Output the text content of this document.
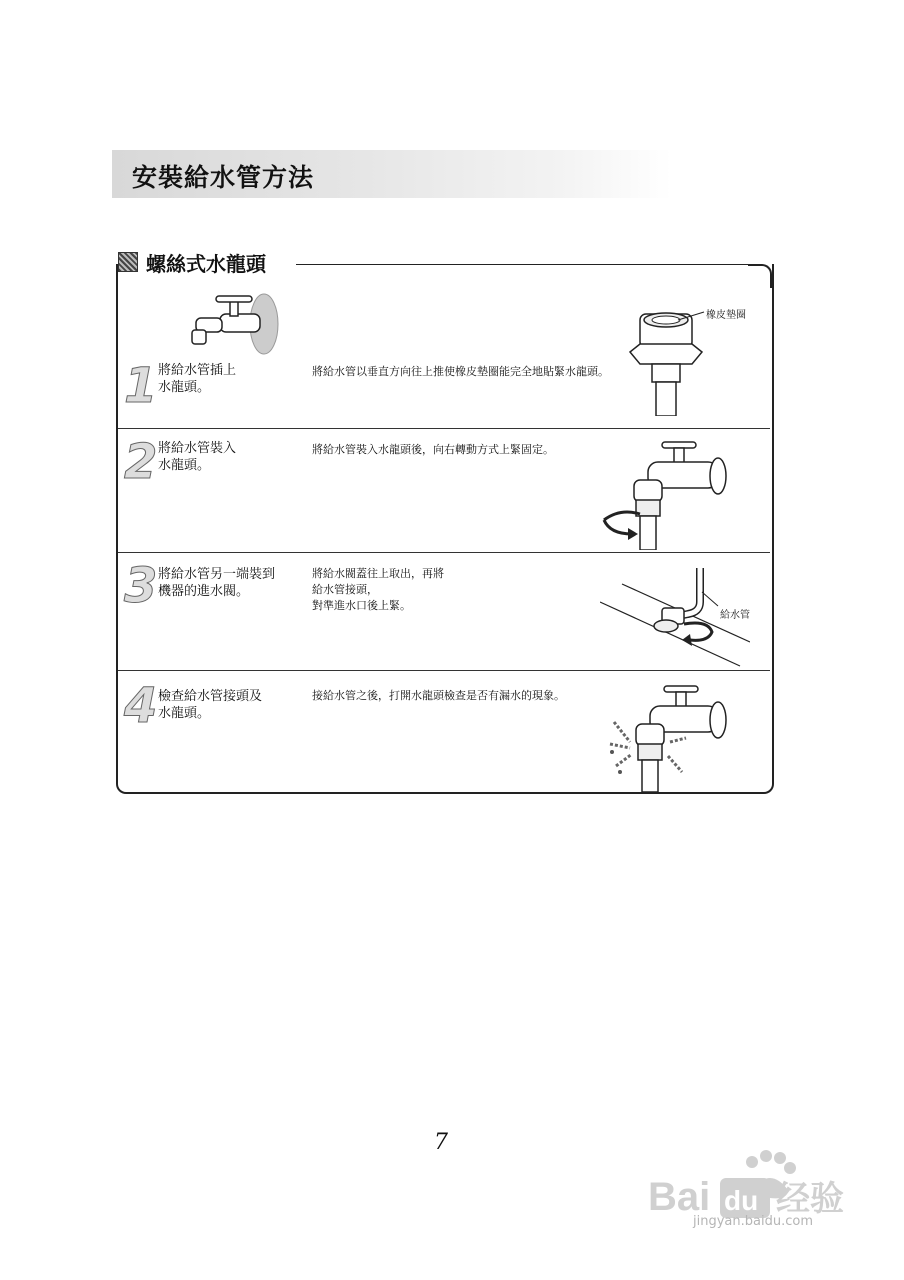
安裝給水管方法
螺絲式水龍頭
1 將給水管插上
水龍頭。
將給水管以垂直方向往上推使橡皮墊圈能完全地貼緊水龍頭。
橡皮墊圈
2 將給水管裝入
水龍頭。
將給水管裝入水龍頭後，向右轉動方式上緊固定。
3 將給水管另一端裝到
機器的進水閥。
將給水閥蓋往上取出，再將
給水管接頭，
對準進水口後上緊。
給水管
4 檢查給水管接頭及
水龍頭。
接給水管之後，打開水龍頭檢查是否有漏水的現象。
7
Bai du 经验
jingyan.baidu.com
